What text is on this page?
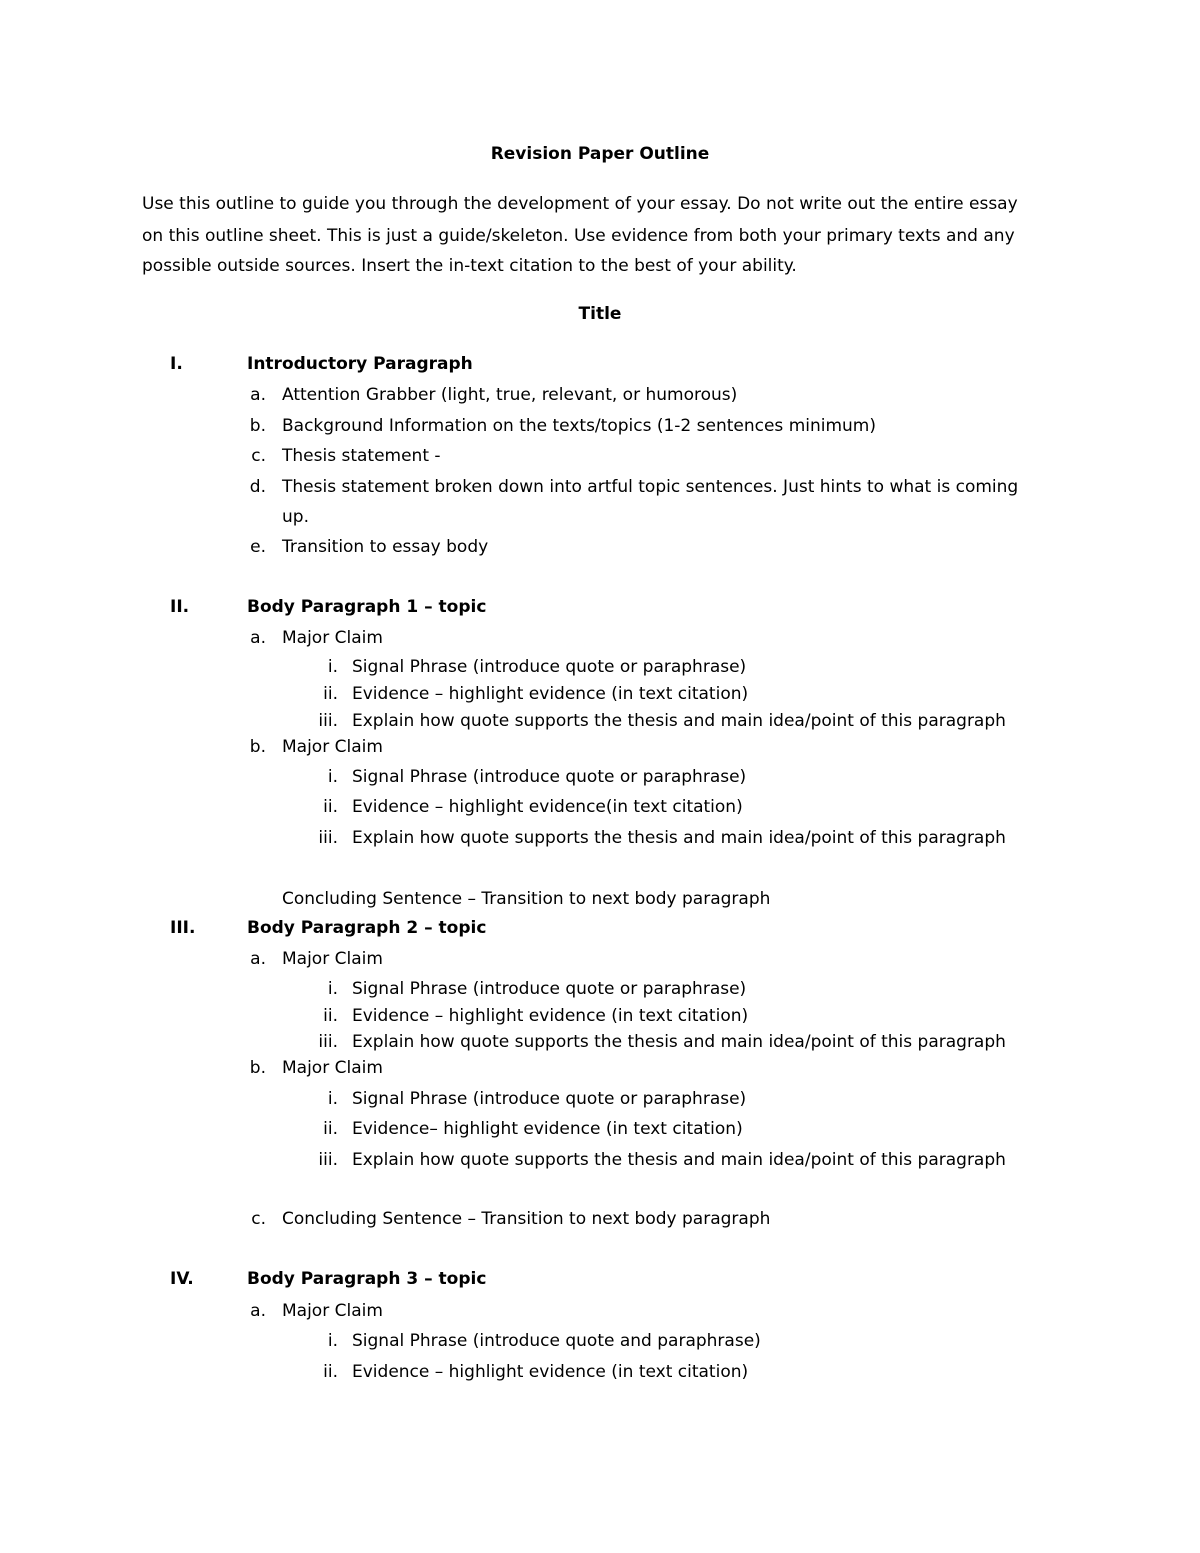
Revision Paper Outline
Use this outline to guide you through the development of your essay. Do not write out the entire essay
on this outline sheet. This is just a guide/skeleton. Use evidence from both your primary texts and any
possible outside sources. Insert the in-text citation to the best of your ability.
Title
I.	Introductory Paragraph
a. Attention Grabber (light, true, relevant, or humorous)
b. Background Information on the texts/topics (1-2 sentences minimum)
c. Thesis statement -
d. Thesis statement broken down into artful topic sentences. Just hints to what is coming
up.
e. Transition to essay body
II.	Body Paragraph 1 – topic
a. Major Claim
i. Signal Phrase (introduce quote or paraphrase)
ii. Evidence – highlight evidence (in text citation)
iii. Explain how quote supports the thesis and main idea/point of this paragraph
b. Major Claim
i. Signal Phrase (introduce quote or paraphrase)
ii. Evidence – highlight evidence(in text citation)
iii. Explain how quote supports the thesis and main idea/point of this paragraph
Concluding Sentence – Transition to next body paragraph
III.	Body Paragraph 2 – topic
a. Major Claim
i. Signal Phrase (introduce quote or paraphrase)
ii. Evidence – highlight evidence (in text citation)
iii. Explain how quote supports the thesis and main idea/point of this paragraph
b. Major Claim
i. Signal Phrase (introduce quote or paraphrase)
ii. Evidence– highlight evidence (in text citation)
iii. Explain how quote supports the thesis and main idea/point of this paragraph
c. Concluding Sentence – Transition to next body paragraph
IV.	Body Paragraph 3 – topic
a. Major Claim
i. Signal Phrase (introduce quote and paraphrase)
ii. Evidence – highlight evidence (in text citation)
